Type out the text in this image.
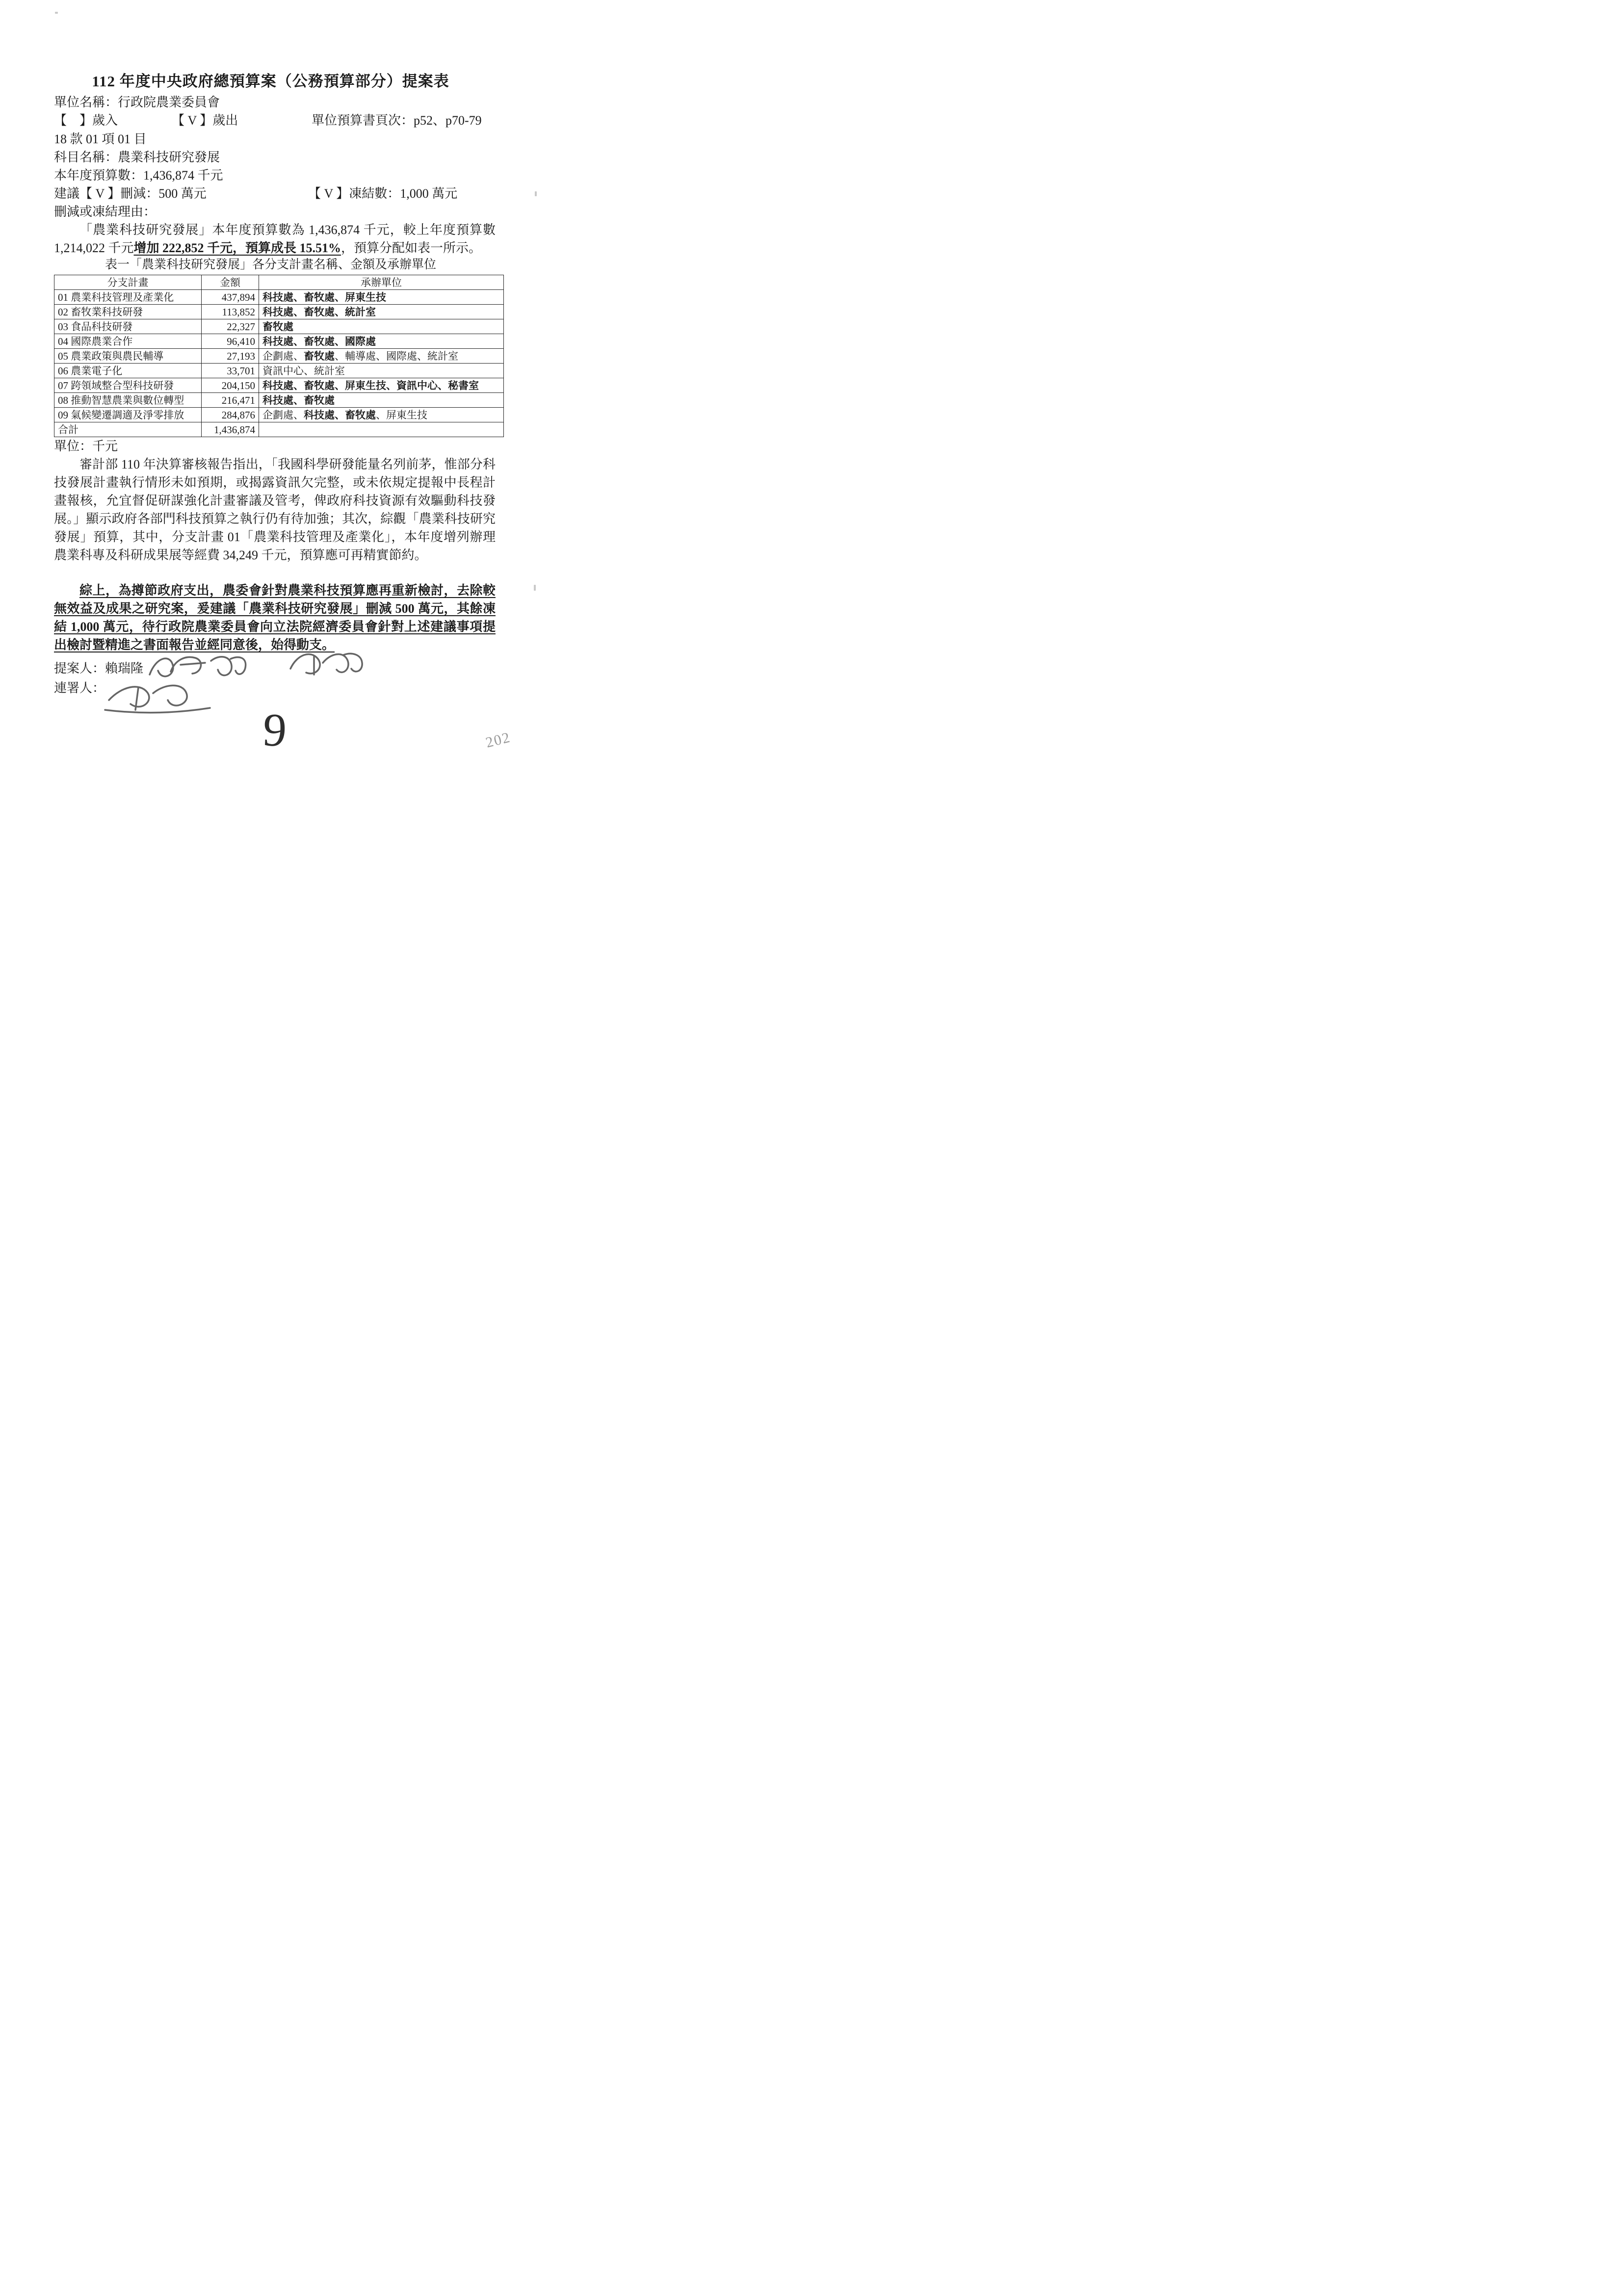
112 年度中央政府總預算案（公務預算部分）提案表
單位名稱：行政院農業委員會
【　】歲入	【 V 】歲出	單位預算書頁次：p52、p70-79
18 款 01 項 01 目
科目名稱：農業科技研究發展
本年度預算數：1,436,874 千元
建議【 V 】刪減：500 萬元	【 V 】凍結數：1,000 萬元
刪減或凍結理由：

「農業科技研究發展」本年度預算數為 1,436,874 千元，較上年度預算數 1,214,022 千元增加 222,852 千元，預算成長 15.51%，預算分配如表一所示。

表一「農業科技研究發展」各分支計畫名稱、金額及承辦單位
分支計畫	金額	承辦單位
01 農業科技管理及產業化	437,894	科技處、畜牧處、屏東生技
02 畜牧業科技研發	113,852	科技處、畜牧處、統計室
03 食品科技研發	22,327	畜牧處
04 國際農業合作	96,410	科技處、畜牧處、國際處
05 農業政策與農民輔導	27,193	企劃處、畜牧處、輔導處、國際處、統計室
06 農業電子化	33,701	資訊中心、統計室
07 跨領域整合型科技研發	204,150	科技處、畜牧處、屏東生技、資訊中心、秘書室
08 推動智慧農業與數位轉型	216,471	科技處、畜牧處
09 氣候變遷調適及淨零排放	284,876	企劃處、科技處、畜牧處、屏東生技
合計	1,436,874	
單位：千元

審計部 110 年決算審核報告指出，「我國科學研發能量名列前茅，惟部分科技發展計畫執行情形未如預期，或揭露資訊欠完整，或未依規定提報中長程計畫報核，允宜督促研謀強化計畫審議及管考，俾政府科技資源有效驅動科技發展。」顯示政府各部門科技預算之執行仍有待加強；其次，綜觀「農業科技研究發展」預算，其中，分支計畫 01「農業科技管理及產業化」，本年度增列辦理農業科專及科研成果展等經費 34,249 千元，預算應可再精實節約。

綜上，為撙節政府支出，農委會針對農業科技預算應再重新檢討，去除較無效益及成果之研究案，爰建議「農業科技研究發展」刪減 500 萬元，其餘凍結 1,000 萬元，待行政院農業委員會向立法院經濟委員會針對上述建議事項提出檢討暨精進之書面報告並經同意後，始得動支。

提案人：賴瑞隆
連署人：
9	202
